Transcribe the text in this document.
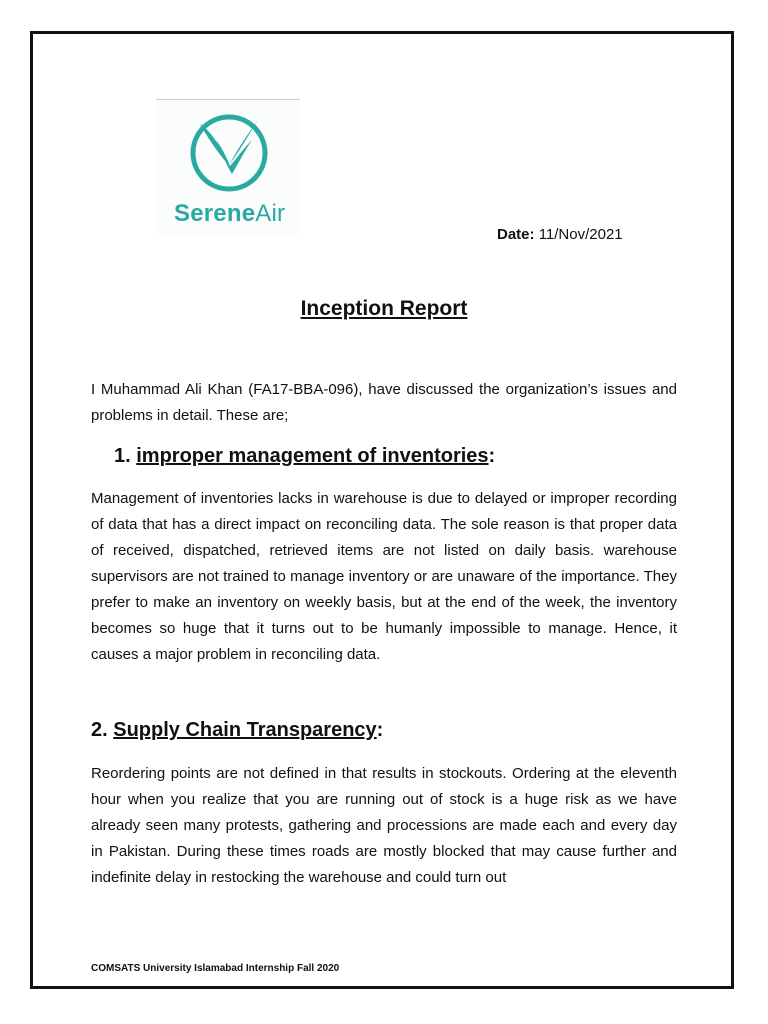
SereneAir
Date: 11/Nov/2021
Inception Report
I Muhammad Ali Khan (FA17-BBA-096), have discussed the organization’s issues and problems in detail. These are;
1. improper management of inventories:
Management of inventories lacks in warehouse is due to delayed or improper recording of data that has a direct impact on reconciling data. The sole reason is that proper data of received, dispatched, retrieved items are not listed on daily basis. warehouse supervisors are not trained to manage inventory or are unaware of the importance. They prefer to make an inventory on weekly basis, but at the end of the week, the inventory becomes so huge that it turns out to be humanly impossible to manage. Hence, it causes a major problem in reconciling data.
2. Supply Chain Transparency:
Reordering points are not defined in that results in stockouts. Ordering at the eleventh hour when you realize that you are running out of stock is a huge risk as we have already seen many protests, gathering and processions are made each and every day in Pakistan. During these times roads are mostly blocked that may cause further and indefinite delay in restocking the warehouse and could turn out
COMSATS University Islamabad Internship Fall 2020
